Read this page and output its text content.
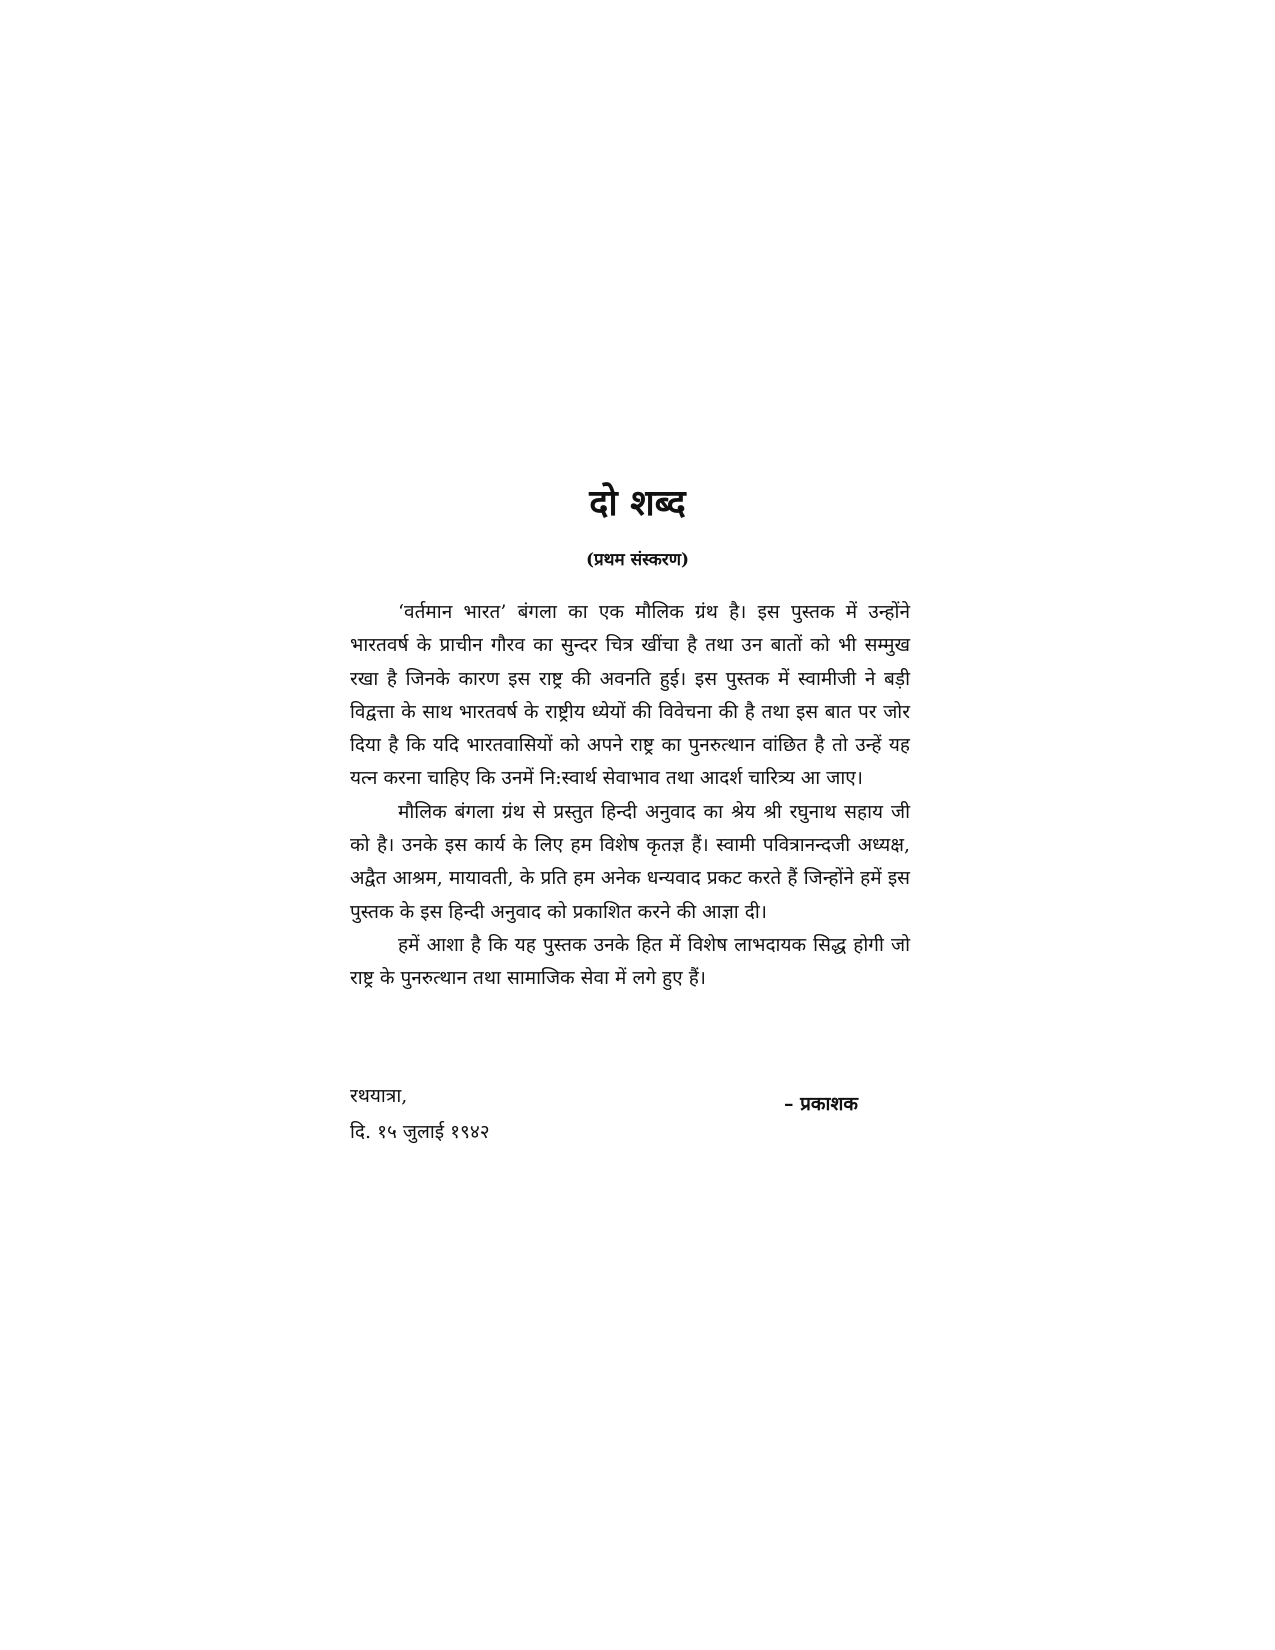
दो शब्द
(प्रथम संस्करण)

‘वर्तमान भारत’ बंगला का एक मौलिक ग्रंथ है। इस पुस्तक में उन्होंने भारतवर्ष के प्राचीन गौरव का सुन्दर चित्र खींचा है तथा उन बातों को भी सम्मुख रखा है जिनके कारण इस राष्ट्र की अवनति हुई। इस पुस्तक में स्वामीजी ने बड़ी विद्वत्ता के साथ भारतवर्ष के राष्ट्रीय ध्येयों की विवेचना की है तथा इस बात पर जोर दिया है कि यदि भारतवासियों को अपने राष्ट्र का पुनरुत्थान वांछित है तो उन्हें यह यत्न करना चाहिए कि उनमें नि:स्वार्थ सेवाभाव तथा आदर्श चारित्र्य आ जाए।

मौलिक बंगला ग्रंथ से प्रस्तुत हिन्दी अनुवाद का श्रेय श्री रघुनाथ सहाय जी को है। उनके इस कार्य के लिए हम विशेष कृतज्ञ हैं। स्वामी पवित्रानन्दजी अध्यक्ष, अद्वैत आश्रम, मायावती, के प्रति हम अनेक धन्यवाद प्रकट करते हैं जिन्होंने हमें इस पुस्तक के इस हिन्दी अनुवाद को प्रकाशित करने की आज्ञा दी।

हमें आशा है कि यह पुस्तक उनके हित में विशेष लाभदायक सिद्ध होगी जो राष्ट्र के पुनरुत्थान तथा सामाजिक सेवा में लगे हुए हैं।

रथयात्रा,
दि. १५ जुलाई १९४२
– प्रकाशक
